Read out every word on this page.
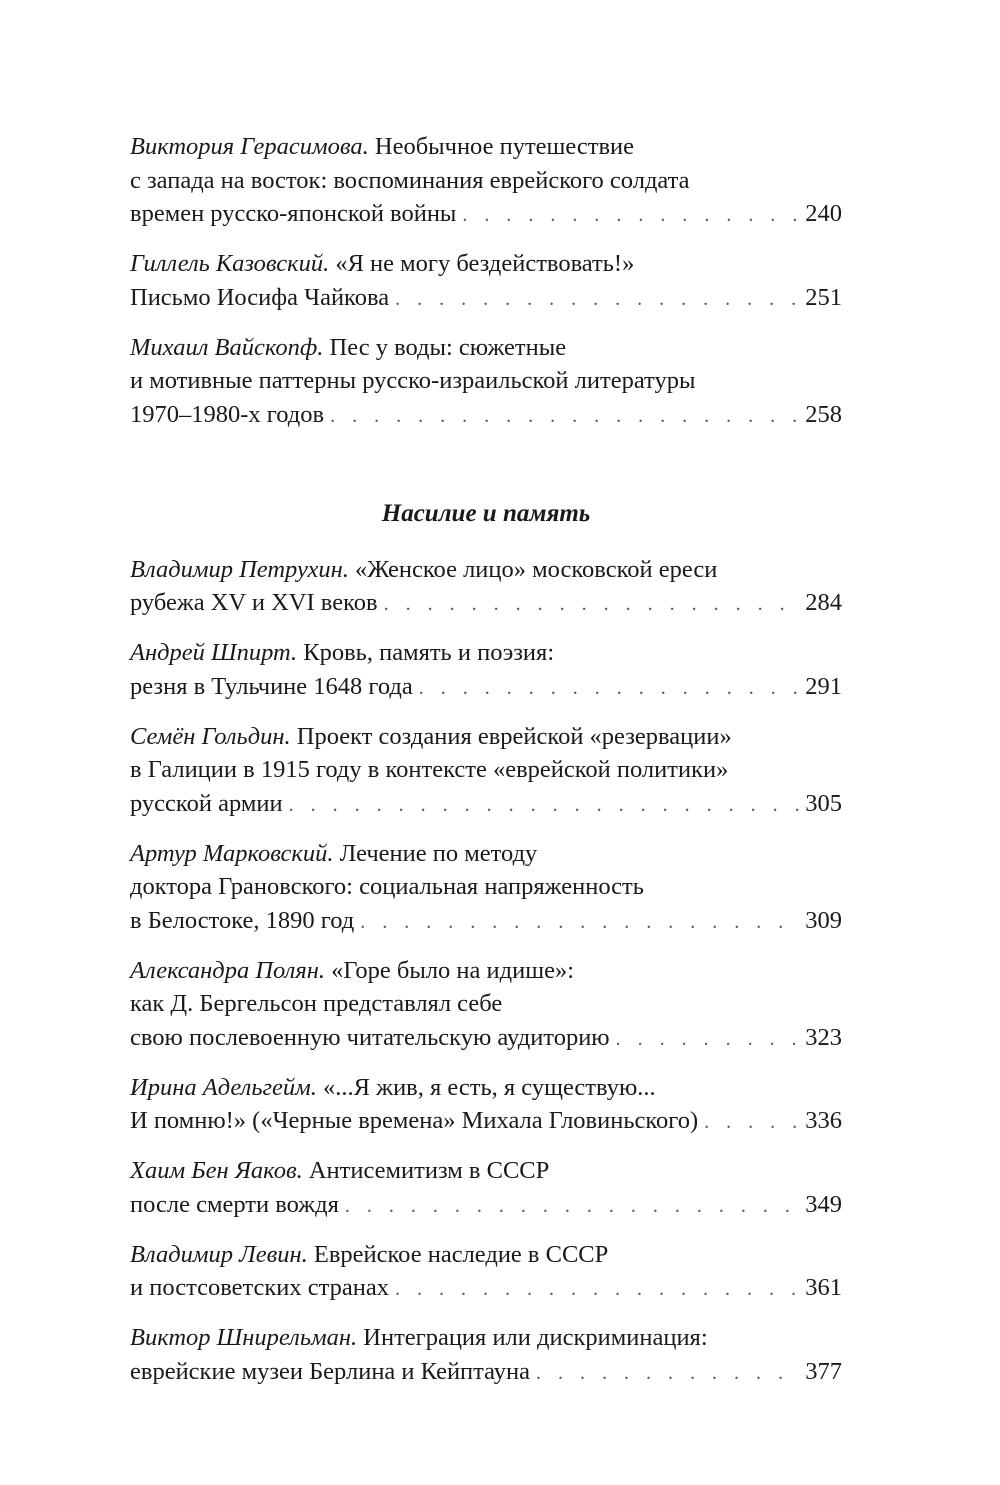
Виктория Герасимова. Необычное путешествие
с запада на восток: воспоминания еврейского солдата
времен русско-японской войны . . .	240
Гиллель Казовский. «Я не могу бездействовать!»
Письмо Иосифа Чайкова . . .	251
Михаил Вайскопф. Пес у воды: сюжетные
и мотивные паттерны русско-израильской литературы
1970–1980-х годов . . .	258
Насилие и память
Владимир Петрухин. «Женское лицо» московской ереси
рубежа XV и XVI веков . . .	284
Андрей Шпирт. Кровь, память и поэзия:
резня в Тульчине 1648 года . . .	291
Семён Гольдин. Проект создания еврейской «резервации»
в Галиции в 1915 году в контексте «еврейской политики»
русской армии . . .	305
Артур Марковский. Лечение по методу
доктора Грановского: социальная напряженность
в Белостоке, 1890 год . . .	309
Александра Полян. «Горе было на идише»:
как Д. Бергельсон представлял себе
свою послевоенную читательскую аудиторию . . .	323
Ирина Адельгейм. «...Я жив, я есть, я существую...
И помню!» («Черные времена» Михала Гловиньского) . . .	336
Хаим Бен Яаков. Антисемитизм в СССР
после смерти вождя . . .	349
Владимир Левин. Еврейское наследие в СССР
и постсоветских странах . . .	361
Виктор Шнирельман. Интеграция или дискриминация:
еврейские музеи Берлина и Кейптауна . . .	377
